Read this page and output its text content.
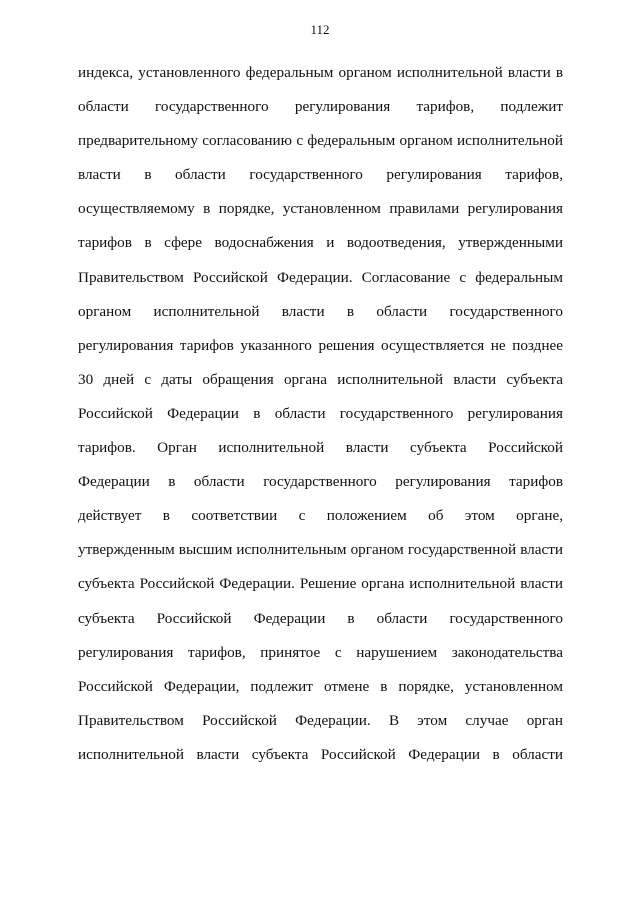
112
индекса, установленного федеральным органом исполнительной власти в
области государственного регулирования тарифов, подлежит
предварительному согласованию с федеральным органом исполнительной
власти в области государственного регулирования тарифов,
осуществляемому в порядке, установленном правилами регулирования
тарифов в сфере водоснабжения и водоотведения, утвержденными
Правительством Российской Федерации. Согласование с федеральным
органом исполнительной власти в области государственного
регулирования тарифов указанного решения осуществляется не позднее
30 дней с даты обращения органа исполнительной власти субъекта
Российской Федерации в области государственного регулирования
тарифов. Орган исполнительной власти субъекта Российской
Федерации в области государственного регулирования тарифов
действует в соответствии с положением об этом органе,
утвержденным высшим исполнительным органом государственной власти
субъекта Российской Федерации. Решение органа исполнительной власти
субъекта Российской Федерации в области государственного
регулирования тарифов, принятое с нарушением законодательства
Российской Федерации, подлежит отмене в порядке, установленном
Правительством Российской Федерации. В этом случае орган
исполнительной власти субъекта Российской Федерации в области
